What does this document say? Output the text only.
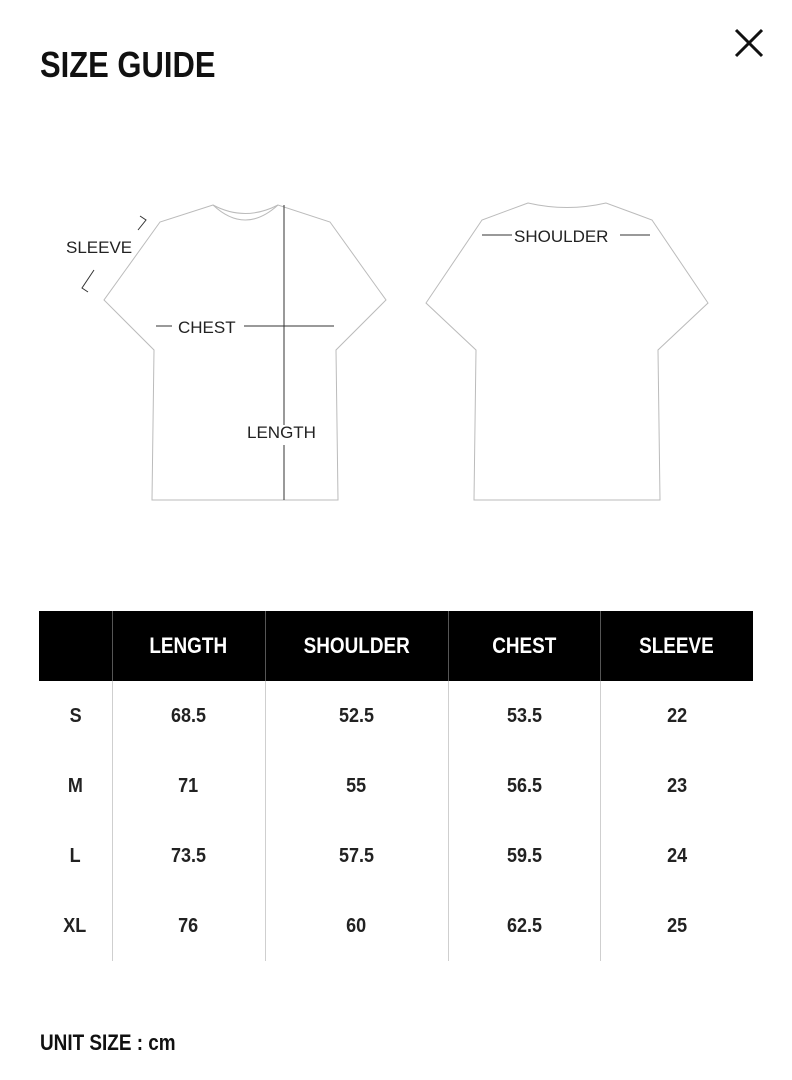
SIZE GUIDE
SLEEVE
CHEST
LENGTH
SHOULDER
	LENGTH	SHOULDER	CHEST	SLEEVE
S	68.5	52.5	53.5	22
M	71	55	56.5	23
L	73.5	57.5	59.5	24
XL	76	60	62.5	25
UNIT SIZE : cm
